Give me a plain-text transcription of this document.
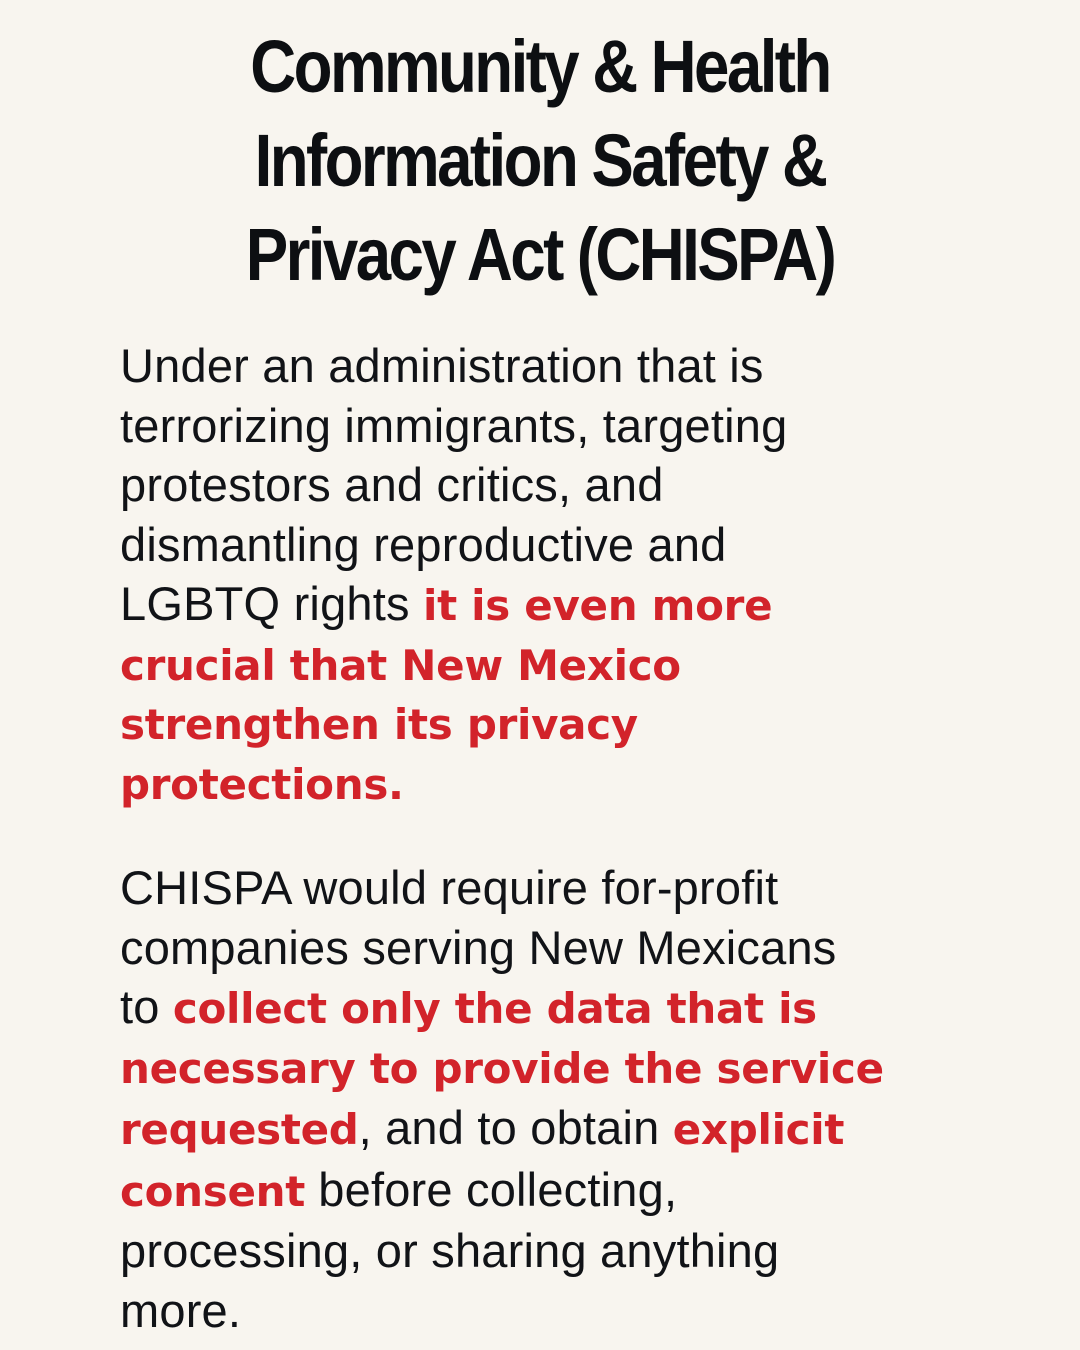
Community & Health
Information Safety &
Privacy Act (CHISPA)

Under an administration that is
terrorizing immigrants, targeting
protestors and critics, and
dismantling reproductive and
LGBTQ rights it is even more
crucial that New Mexico
strengthen its privacy
protections.

CHISPA would require for-profit
companies serving New Mexicans
to collect only the data that is
necessary to provide the service
requested, and to obtain explicit
consent before collecting,
processing, or sharing anything
more.
